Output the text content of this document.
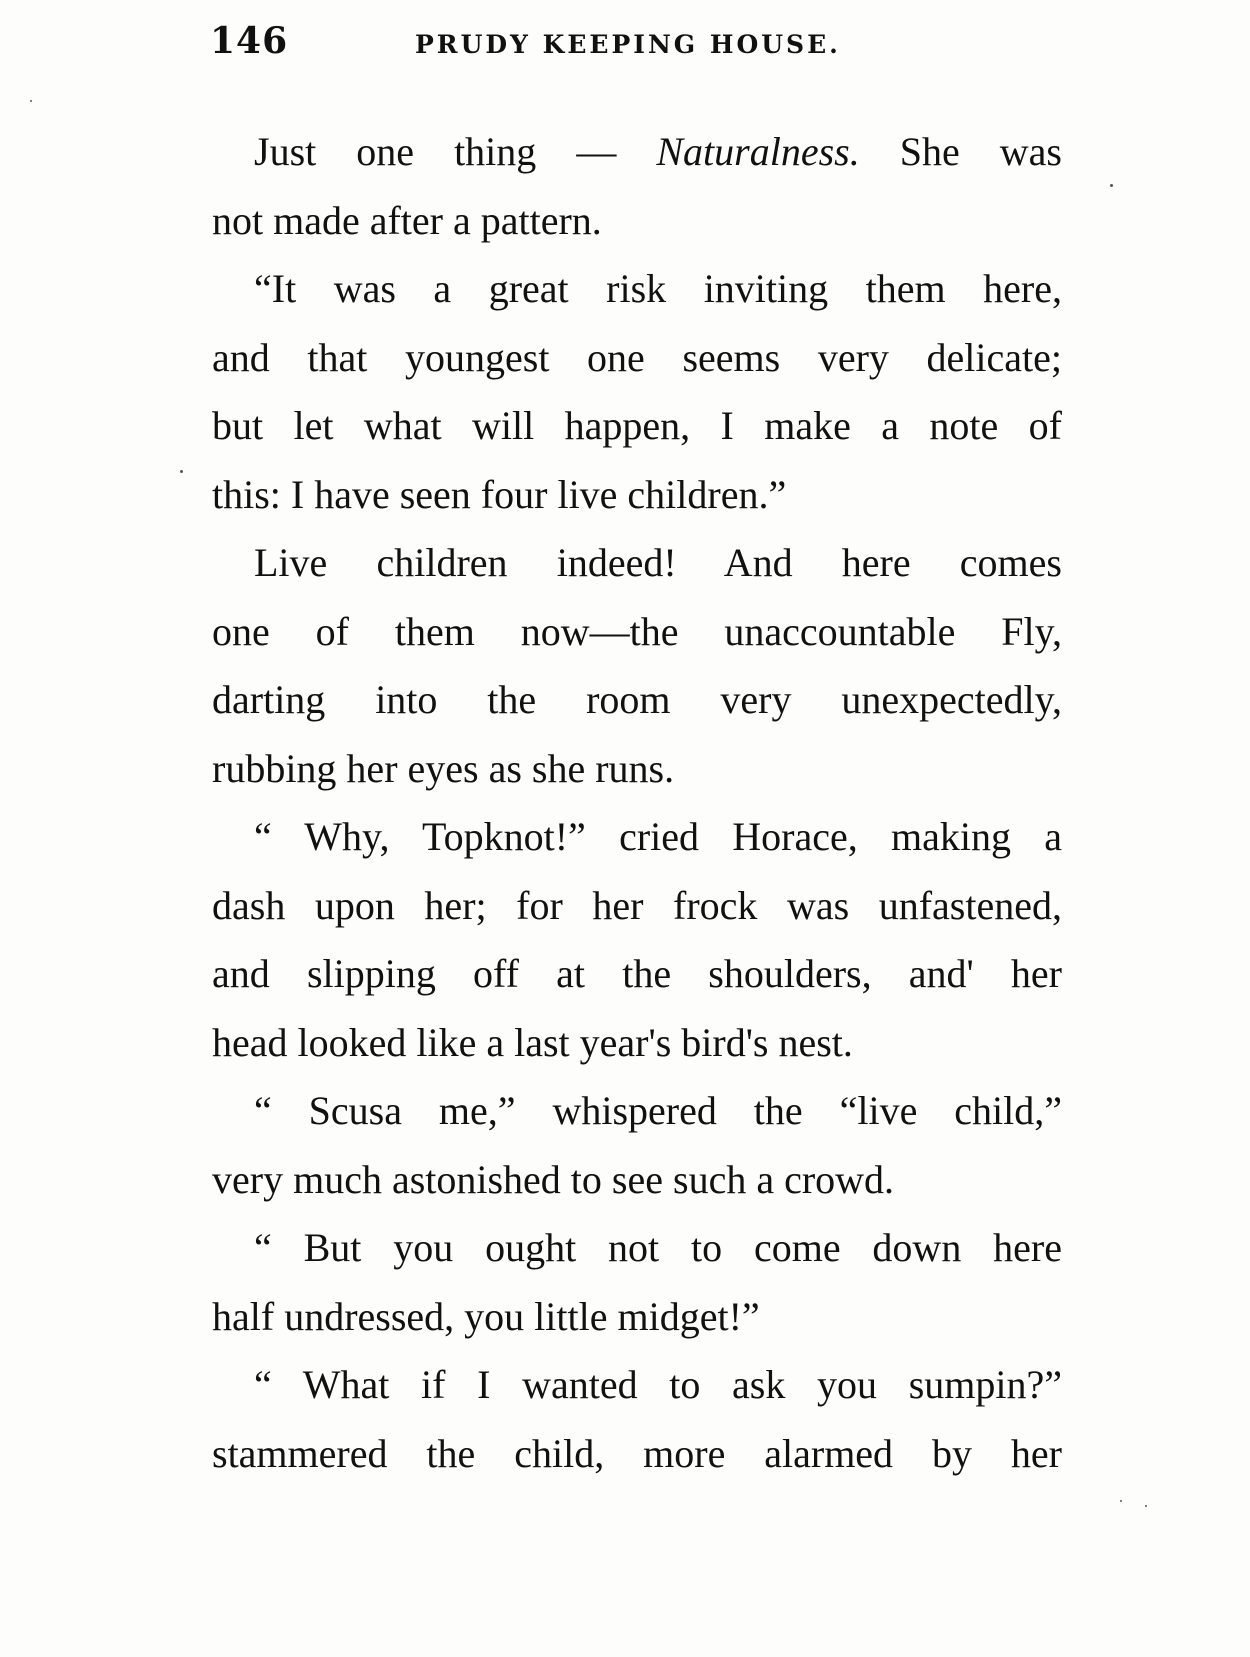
146	PRUDY KEEPING HOUSE.
Just one thing — Naturalness. She was
not made after a pattern.
“It was a great risk inviting them here,
and that youngest one seems very delicate;
but let what will happen, I make a note of
this: I have seen four live children.”
Live children indeed! And here comes
one of them now—the unaccountable Fly,
darting into the room very unexpectedly,
rubbing her eyes as she runs.
“ Why, Topknot!” cried Horace, making a
dash upon her; for her frock was unfastened,
and slipping off at the shoulders, and' her
head looked like a last year's bird's nest.
“ Scusa me,” whispered the “live child,”
very much astonished to see such a crowd.
“ But you ought not to come down here
half undressed, you little midget!”
“ What if I wanted to ask you sumpin?”
stammered the child, more alarmed by her
